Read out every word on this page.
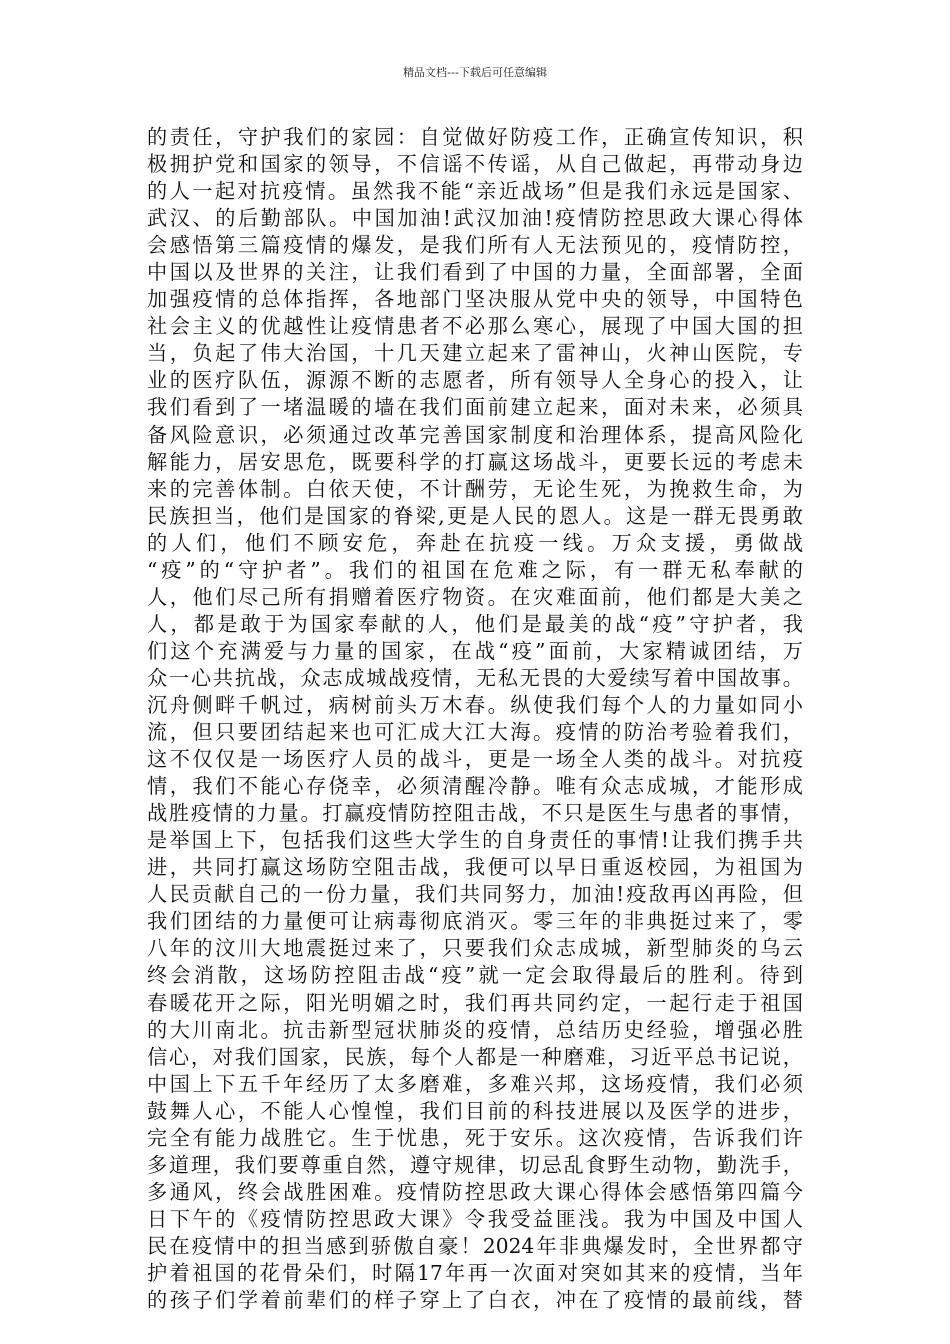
精品文档---下载后可任意编辑
的责任，守护我们的家园：自觉做好防疫工作，正确宣传知识，积
极拥护党和国家的领导，不信谣不传谣，从自己做起，再带动身边
的人一起对抗疫情。虽然我不能“亲近战场”但是我们永远是国家、
武汉、的后勤部队。中国加油!武汉加油!疫情防控思政大课心得体
会感悟第三篇疫情的爆发，是我们所有人无法预见的，疫情防控，
中国以及世界的关注，让我们看到了中国的力量，全面部署，全面
加强疫情的总体指挥，各地部门坚决服从党中央的领导，中国特色
社会主义的优越性让疫情患者不必那么寒心，展现了中国大国的担
当，负起了伟大治国，十几天建立起来了雷神山，火神山医院，专
业的医疗队伍，源源不断的志愿者，所有领导人全身心的投入，让
我们看到了一堵温暖的墙在我们面前建立起来，面对未来，必须具
备风险意识，必须通过改革完善国家制度和治理体系，提高风险化
解能力，居安思危，既要科学的打赢这场战斗，更要长远的考虑未
来的完善体制。白依天使，不计酬劳，无论生死，为挽救生命，为
民族担当，他们是国家的脊梁,更是人民的恩人。这是一群无畏勇敢
的人们，他们不顾安危，奔赴在抗疫一线。万众支援，勇做战
“疫”的“守护者”。我们的祖国在危难之际，有一群无私奉献的
人，他们尽己所有捐赠着医疗物资。在灾难面前，他们都是大美之
人，都是敢于为国家奉献的人，他们是最美的战“疫”守护者，我
们这个充满爱与力量的国家，在战“疫”面前，大家精诚团结，万
众一心共抗战，众志成城战疫情，无私无畏的大爱续写着中国故事。
沉舟侧畔千帆过，病树前头万木春。纵使我们每个人的力量如同小
流，但只要团结起来也可汇成大江大海。疫情的防治考验着我们，
这不仅仅是一场医疗人员的战斗，更是一场全人类的战斗。对抗疫
情，我们不能心存侥幸，必须清醒冷静。唯有众志成城，才能形成
战胜疫情的力量。打赢疫情防控阻击战，不只是医生与患者的事情，
是举国上下，包括我们这些大学生的自身责任的事情!让我们携手共
进，共同打赢这场防空阻击战，我便可以早日重返校园，为祖国为
人民贡献自己的一份力量，我们共同努力，加油!疫敌再凶再险，但
我们团结的力量便可让病毒彻底消灭。零三年的非典挺过来了，零
八年的汶川大地震挺过来了，只要我们众志成城，新型肺炎的乌云
终会消散，这场防控阻击战“疫”就一定会取得最后的胜利。待到
春暖花开之际，阳光明媚之时，我们再共同约定，一起行走于祖国
的大川南北。抗击新型冠状肺炎的疫情，总结历史经验，增强必胜
信心，对我们国家，民族，每个人都是一种磨难，习近平总书记说，
中国上下五千年经历了太多磨难，多难兴邦，这场疫情，我们必须
鼓舞人心，不能人心惶惶，我们目前的科技进展以及医学的进步，
完全有能力战胜它。生于忧患，死于安乐。这次疫情，告诉我们许
多道理，我们要尊重自然，遵守规律，切忌乱食野生动物，勤洗手，
多通风，终会战胜困难。疫情防控思政大课心得体会感悟第四篇今
日下午的《疫情防控思政大课》令我受益匪浅。我为中国及中国人
民在疫情中的担当感到骄傲自豪！2024年非典爆发时，全世界都守
护着祖国的花骨朵们，时隔17年再一次面对突如其来的疫情，当年
的孩子们学着前辈们的样子穿上了白衣，冲在了疫情的最前线，替
